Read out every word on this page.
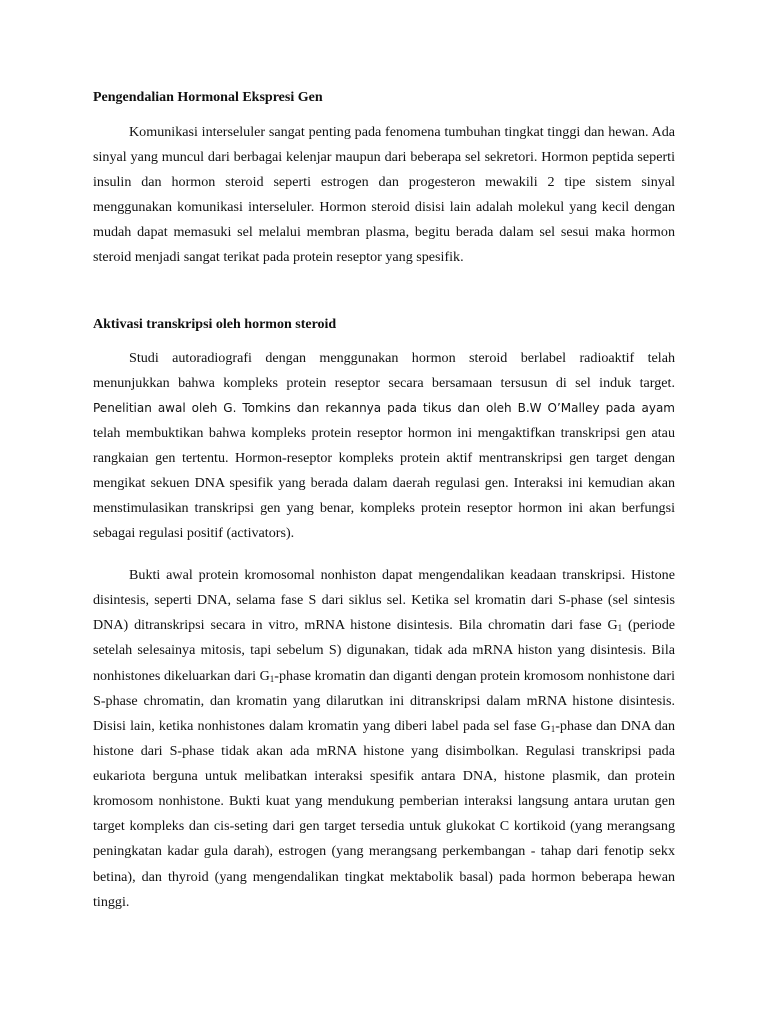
Pengendalian Hormonal Ekspresi Gen

Komunikasi interseluler sangat penting pada fenomena tumbuhan tingkat tinggi dan hewan. Ada sinyal yang muncul dari berbagai kelenjar maupun dari beberapa sel sekretori. Hormon peptida seperti insulin dan hormon steroid seperti estrogen dan progesteron mewakili 2 tipe sistem sinyal menggunakan komunikasi interseluler. Hormon steroid disisi lain adalah molekul yang kecil dengan mudah dapat memasuki sel melalui membran plasma, begitu berada dalam sel sesui maka hormon steroid menjadi sangat terikat pada protein reseptor yang spesifik.

Aktivasi transkripsi oleh hormon steroid

Studi autoradiografi dengan menggunakan hormon steroid berlabel radioaktif telah menunjukkan bahwa kompleks protein reseptor secara bersamaan tersusun di sel induk target. Penelitian awal oleh G. Tomkins dan rekannya pada tikus dan oleh B.W O’Malley pada ayam telah membuktikan bahwa kompleks protein reseptor hormon ini mengaktifkan transkripsi gen atau rangkaian gen tertentu. Hormon-reseptor kompleks protein aktif mentranskripsi gen target dengan mengikat sekuen DNA spesifik yang berada dalam daerah regulasi gen. Interaksi ini kemudian akan menstimulasikan transkripsi gen yang benar, kompleks protein reseptor hormon ini akan berfungsi sebagai regulasi positif (activators).

Bukti awal protein kromosomal nonhiston dapat mengendalikan keadaan transkripsi. Histone disintesis, seperti DNA, selama fase S dari siklus sel. Ketika sel kromatin dari S-phase (sel sintesis DNA) ditranskripsi secara in vitro, mRNA histone disintesis. Bila chromatin dari fase $G_1$ (periode setelah selesainya mitosis, tapi sebelum S) digunakan, tidak ada mRNA histon yang disintesis. Bila nonhistones dikeluarkan dari $G_1$-phase kromatin dan diganti dengan protein kromosom nonhistone dari S-phase chromatin, dan kromatin yang dilarutkan ini ditranskripsi dalam mRNA histone disintesis. Disisi lain, ketika nonhistones dalam kromatin yang diberi label pada sel fase $G_1$-phase dan DNA dan histone dari S-phase tidak akan ada mRNA histone yang disimbolkan. Regulasi transkripsi pada eukariota berguna untuk melibatkan interaksi spesifik antara DNA, histone plasmik, dan protein kromosom nonhistone. Bukti kuat yang mendukung pemberian interaksi langsung antara urutan gen target kompleks dan cis-seting dari gen target tersedia untuk glukokat C kortikoid (yang merangsang peningkatan kadar gula darah), estrogen (yang merangsang perkembangan - tahap dari fenotip sekx betina), dan thyroid (yang mengendalikan tingkat mektabolik basal) pada hormon beberapa hewan tinggi.
